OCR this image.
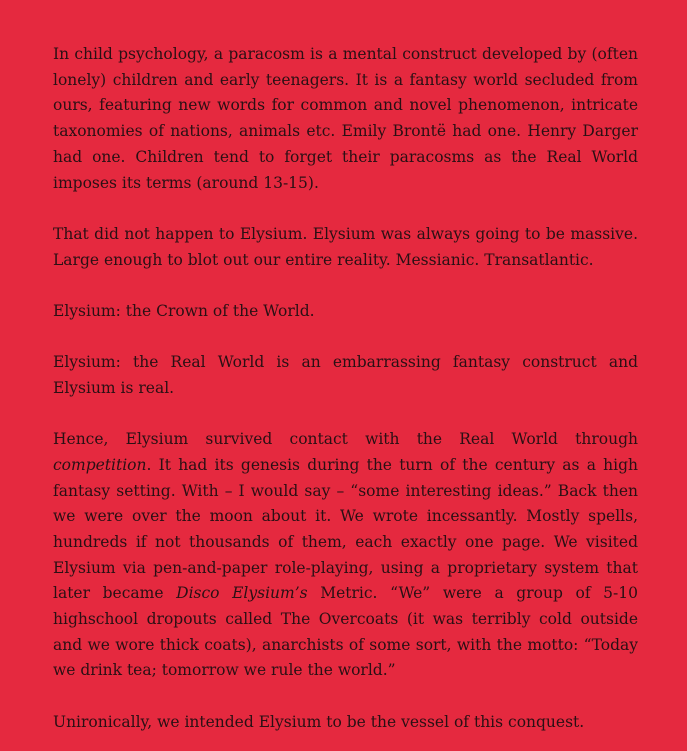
In child psychology, a paracosm is a mental construct developed by (often lonely) children and early teenagers. It is a fantasy world secluded from ours, featuring new words for common and novel phenomenon, intricate taxonomies of nations, animals etc. Emily Brontë had one. Henry Darger had one. Children tend to forget their paracosms as the Real World imposes its terms (around 13-15).

That did not happen to Elysium. Elysium was always going to be massive. Large enough to blot out our entire reality. Messianic. Transatlantic.

Elysium: the Crown of the World.

Elysium: the Real World is an embarrassing fantasy construct and Elysium is real.

Hence, Elysium survived contact with the Real World through competition. It had its genesis during the turn of the century as a high fantasy setting. With – I would say – “some interesting ideas.” Back then we were over the moon about it. We wrote incessantly. Mostly spells, hundreds if not thousands of them, each exactly one page. We visited Elysium via pen-and-paper role-playing, using a proprietary system that later became Disco Elysium’s Metric. “We” were a group of 5-10 highschool dropouts called The Overcoats (it was terribly cold outside and we wore thick coats), anarchists of some sort, with the motto: “Today we drink tea; tomorrow we rule the world.”

Unironically, we intended Elysium to be the vessel of this conquest.
